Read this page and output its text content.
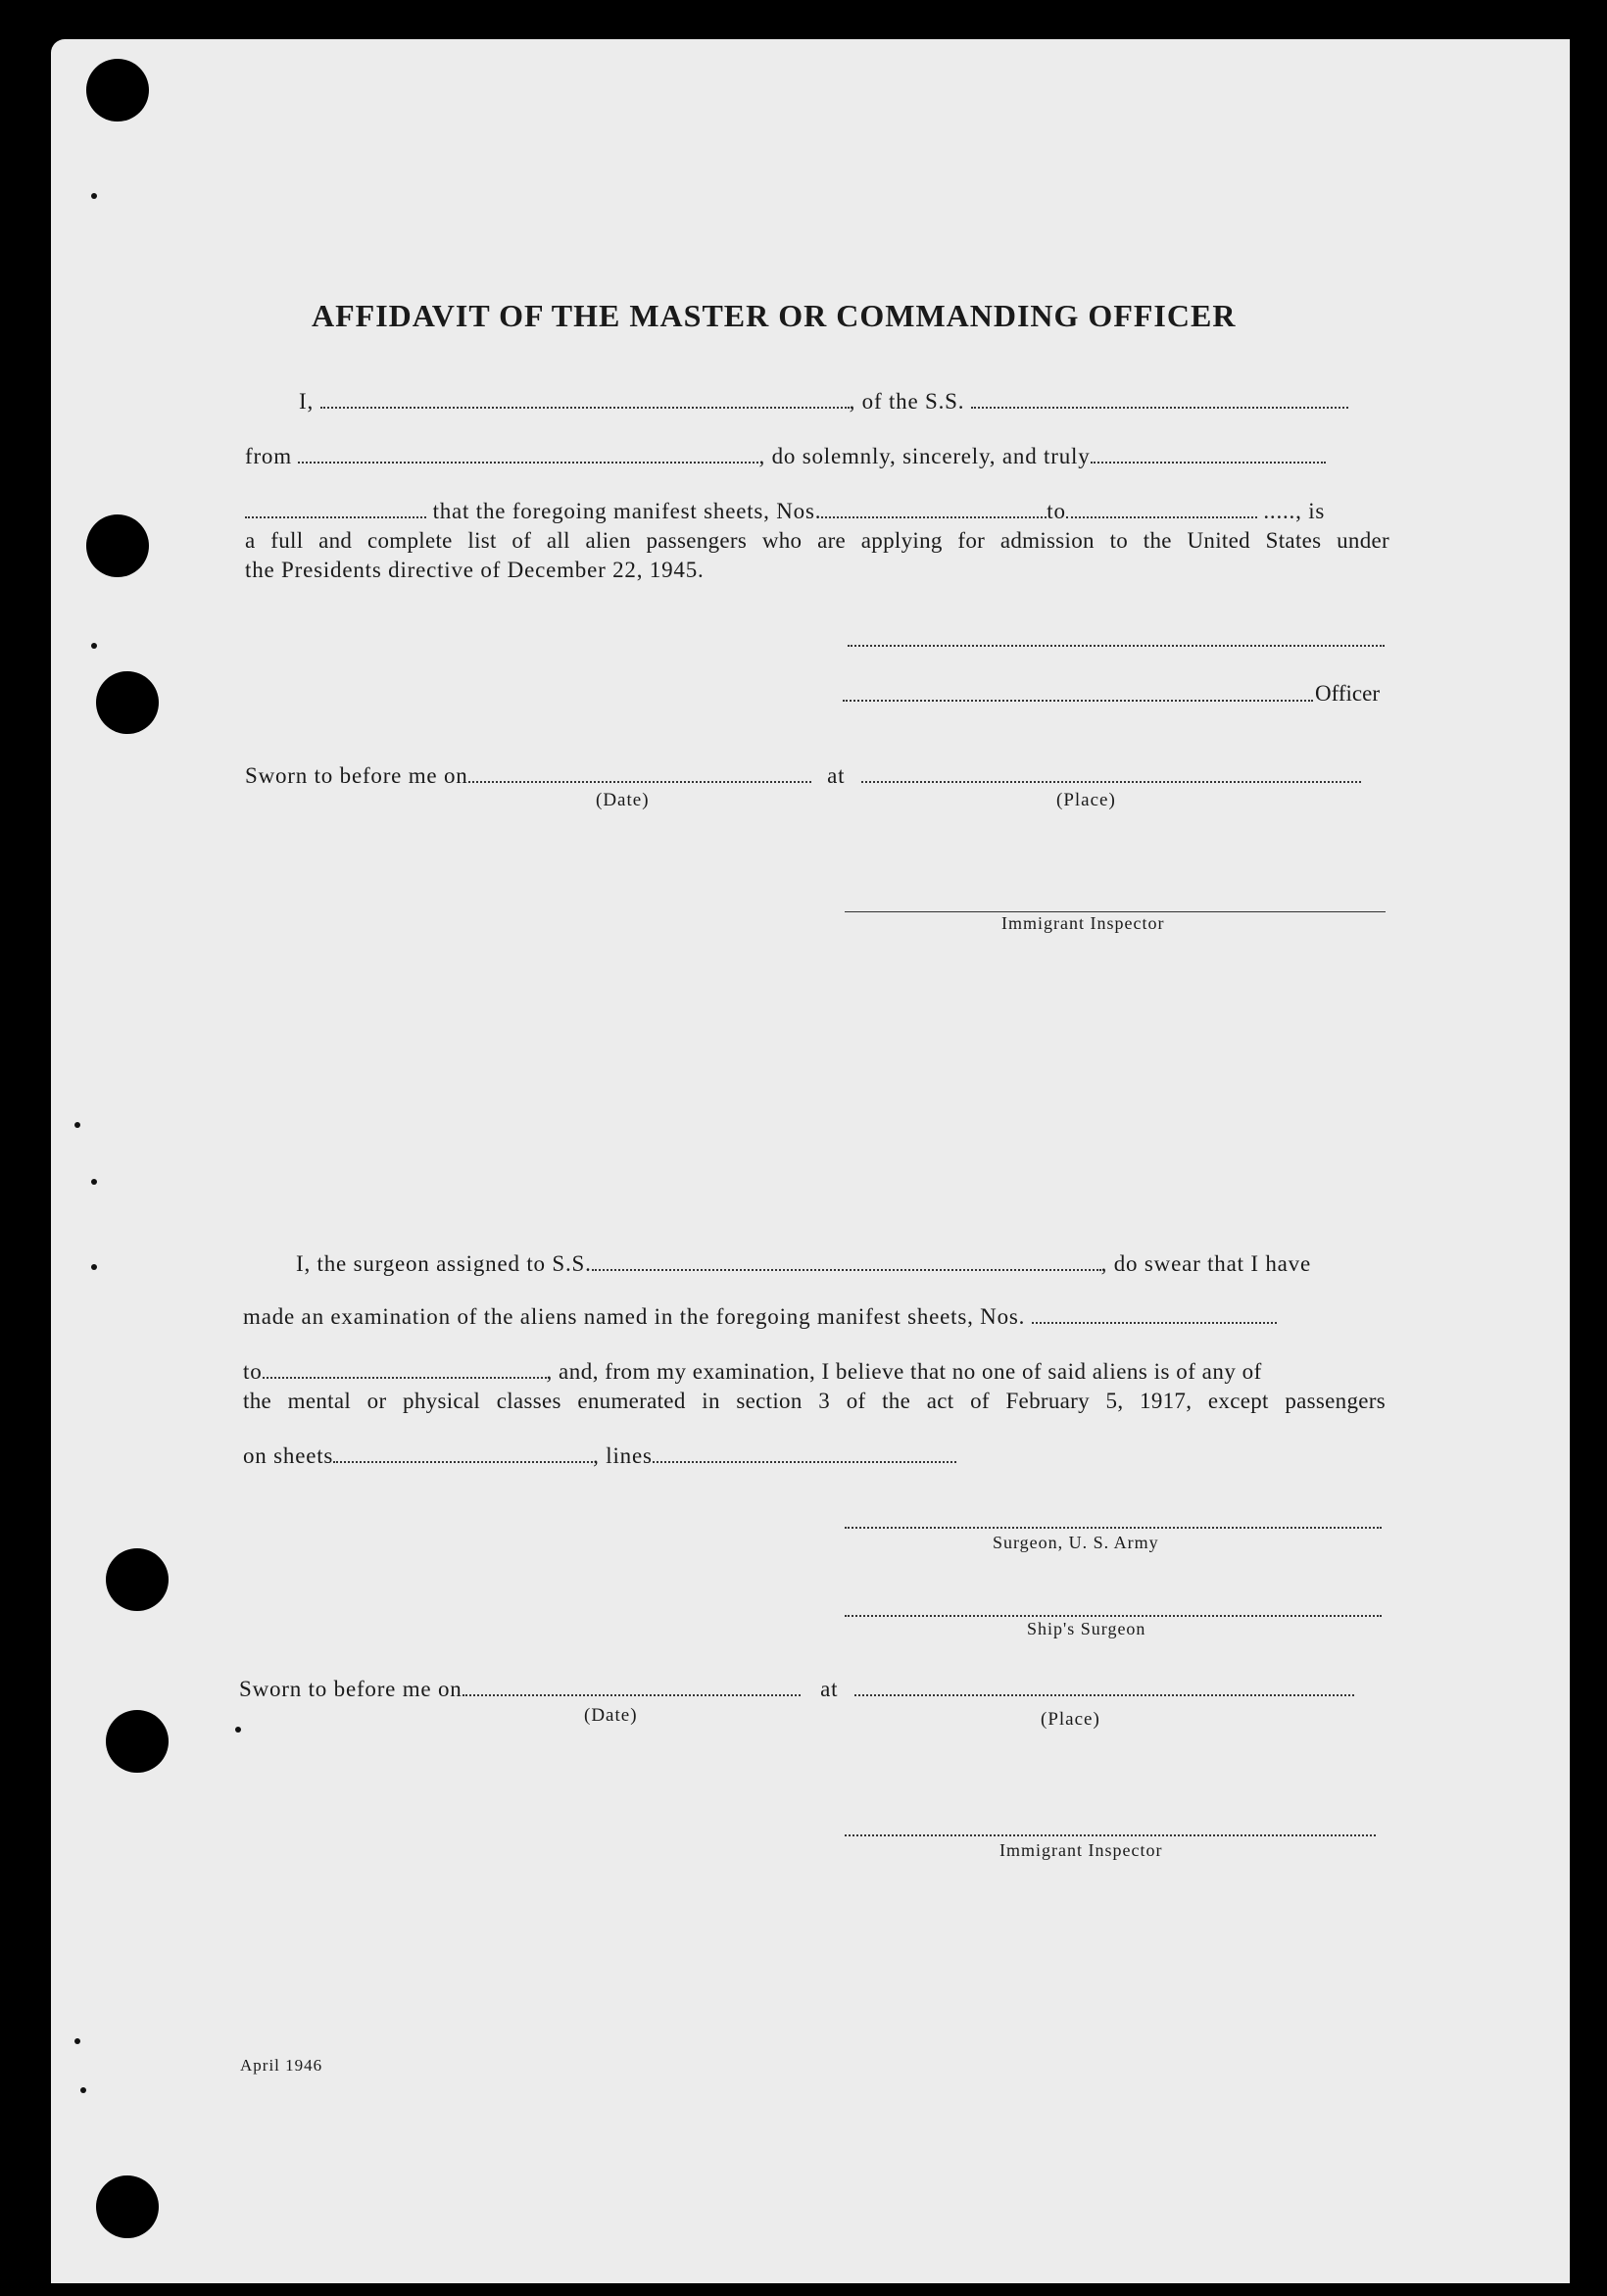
AFFIDAVIT OF THE MASTER OR COMMANDING OFFICER
I,	, of the S.S.
from	, do solemnly, sincerely, and truly
that the foregoing manifest sheets, Nos.	to	....., is
a full and complete list of all alien passengers who are applying for admission to the United States under
the Presidents directive of December 22, 1945.
Officer
Sworn to before me on	at
(Date)	(Place)
Immigrant Inspector
I, the surgeon assigned to S.S.	, do swear that I have
made an examination of the aliens named in the foregoing manifest sheets, Nos.
to	, and, from my examination, I believe that no one of said aliens is of any of
the mental or physical classes enumerated in section 3 of the act of February 5, 1917, except passengers
on sheets	, lines
Surgeon, U. S. Army
Ship's Surgeon
Sworn to before me on	at
(Date)	(Place)
Immigrant Inspector
April 1946
